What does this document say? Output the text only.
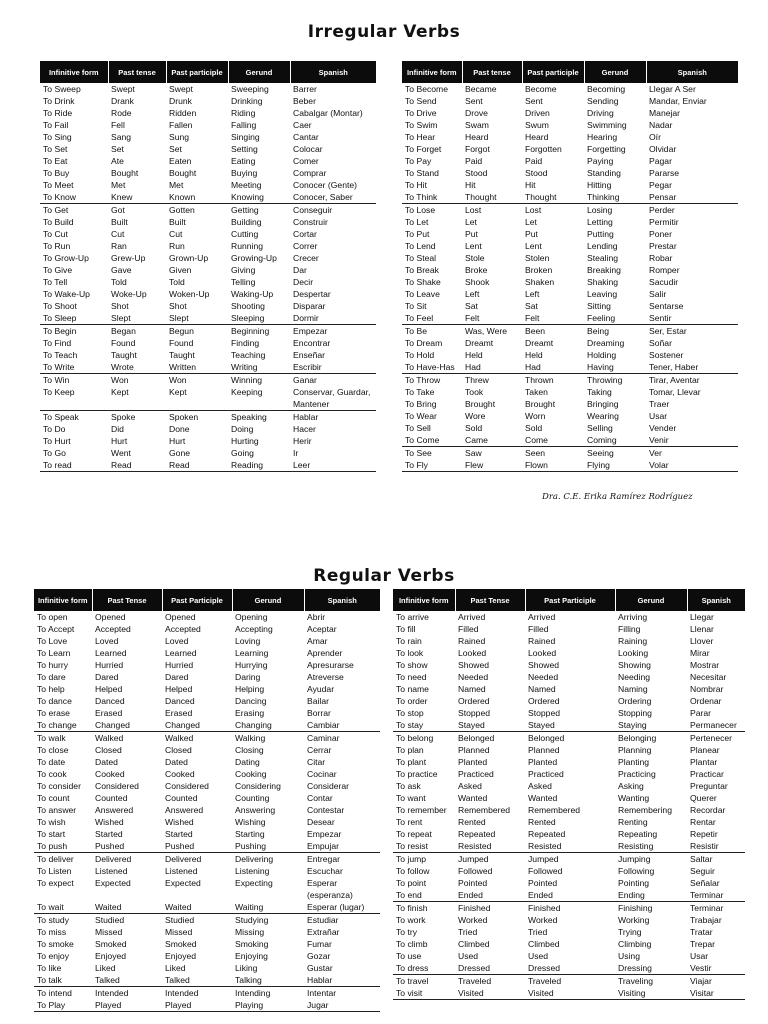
Irregular Verbs
Infinitive form	Past tense	Past participle	Gerund	Spanish
To Sweep	Swept	Swept	Sweeping	Barrer
To Drink	Drank	Drunk	Drinking	Beber
To Ride	Rode	Ridden	Riding	Cabalgar (Montar)
To Fail	Fell	Fallen	Falling	Caer
To Sing	Sang	Sung	Singing	Cantar
To Set	Set	Set	Setting	Colocar
To Eat	Ate	Eaten	Eating	Comer
To Buy	Bought	Bought	Buying	Comprar
To Meet	Met	Met	Meeting	Conocer (Gente)
To Know	Knew	Known	Knowing	Conocer, Saber
To Get	Got	Gotten	Getting	Conseguir
To Build	Built	Built	Building	Construir
To Cut	Cut	Cut	Cutting	Cortar
To Run	Ran	Run	Running	Correr
To Grow-Up	Grew-Up	Grown-Up	Growing-Up	Crecer
To Give	Gave	Given	Giving	Dar
To Tell	Told	Told	Telling	Decir
To Wake-Up	Woke-Up	Woken-Up	Waking-Up	Despertar
To Shoot	Shot	Shot	Shooting	Disparar
To Sleep	Slept	Slept	Sleeping	Dormir
To Begin	Began	Begun	Beginning	Empezar
To Find	Found	Found	Finding	Encontrar
To Teach	Taught	Taught	Teaching	Enseñar
To Write	Wrote	Written	Writing	Escribir
To Win	Won	Won	Winning	Ganar
To Keep	Kept	Kept	Keeping	Conservar, Guardar, Mantener
To Speak	Spoke	Spoken	Speaking	Hablar
To Do	Did	Done	Doing	Hacer
To Hurt	Hurt	Hurt	Hurting	Herir
To Go	Went	Gone	Going	Ir
To read	Read	Read	Reading	Leer
Infinitive form	Past tense	Past participle	Gerund	Spanish
To Become	Became	Become	Becoming	Llegar A Ser
To Send	Sent	Sent	Sending	Mandar, Enviar
To Drive	Drove	Driven	Driving	Manejar
To Swim	Swam	Swum	Swimming	Nadar
To Hear	Heard	Heard	Hearing	Oír
To Forget	Forgot	Forgotten	Forgetting	Olvidar
To Pay	Paid	Paid	Paying	Pagar
To Stand	Stood	Stood	Standing	Pararse
To Hit	Hit	Hit	Hitting	Pegar
To Think	Thought	Thought	Thinking	Pensar
To Lose	Lost	Lost	Losing	Perder
To Let	Let	Let	Letting	Permitir
To Put	Put	Put	Putting	Poner
To Lend	Lent	Lent	Lending	Prestar
To Steal	Stole	Stolen	Stealing	Robar
To Break	Broke	Broken	Breaking	Romper
To Shake	Shook	Shaken	Shaking	Sacudir
To Leave	Left	Left	Leaving	Salir
To Sit	Sat	Sat	Sitting	Sentarse
To Feel	Felt	Felt	Feeling	Sentir
To Be	Was, Were	Been	Being	Ser, Estar
To Dream	Dreamt	Dreamt	Dreaming	Soñar
To Hold	Held	Held	Holding	Sostener
To Have-Has	Had	Had	Having	Tener, Haber
To Throw	Threw	Thrown	Throwing	Tirar, Aventar
To Take	Took	Taken	Taking	Tomar, Llevar
To Bring	Brought	Brought	Bringing	Traer
To Wear	Wore	Worn	Wearing	Usar
To Sell	Sold	Sold	Selling	Vender
To Come	Came	Come	Coming	Venir
To See	Saw	Seen	Seeing	Ver
To Fly	Flew	Flown	Flying	Volar
Dra. C.E. Erika Ramírez Rodríguez
Regular Verbs
Infinitive form	Past Tense	Past Participle	Gerund	Spanish
To open	Opened	Opened	Opening	Abrir
To Accept	Accepted	Accepted	Accepting	Aceptar
To Love	Loved	Loved	Loving	Amar
To Learn	Learned	Learned	Learning	Aprender
To hurry	Hurried	Hurried	Hurrying	Apresurarse
To dare	Dared	Dared	Daring	Atreverse
To help	Helped	Helped	Helping	Ayudar
To dance	Danced	Danced	Dancing	Bailar
To erase	Erased	Erased	Erasing	Borrar
To change	Changed	Changed	Changing	Cambiar
To walk	Walked	Walked	Walking	Caminar
To close	Closed	Closed	Closing	Cerrar
To date	Dated	Dated	Dating	Citar
To cook	Cooked	Cooked	Cooking	Cocinar
To consider	Considered	Considered	Considering	Considerar
To count	Counted	Counted	Counting	Contar
To answer	Answered	Answered	Answering	Contestar
To wish	Wished	Wished	Wishing	Desear
To start	Started	Started	Starting	Empezar
To push	Pushed	Pushed	Pushing	Empujar
To deliver	Delivered	Delivered	Delivering	Entregar
To Listen	Listened	Listened	Listening	Escuchar
To expect	Expected	Expected	Expecting	Esperar (esperanza)
To wait	Waited	Waited	Waiting	Esperar (lugar)
To study	Studied	Studied	Studying	Estudiar
To miss	Missed	Missed	Missing	Extrañar
To smoke	Smoked	Smoked	Smoking	Fumar
To enjoy	Enjoyed	Enjoyed	Enjoying	Gozar
To like	Liked	Liked	Liking	Gustar
To talk	Talked	Talked	Talking	Hablar
To intend	Intended	Intended	Intending	Intentar
To Play	Played	Played	Playing	Jugar
Infinitive form	Past Tense	Past Participle	Gerund	Spanish
To arrive	Arrived	Arrived	Arriving	Llegar
To fill	Filled	Filled	Filling	Llenar
To rain	Rained	Rained	Raining	Llover
To look	Looked	Looked	Looking	Mirar
To show	Showed	Showed	Showing	Mostrar
To need	Needed	Needed	Needing	Necesitar
To name	Named	Named	Naming	Nombrar
To order	Ordered	Ordered	Ordering	Ordenar
To stop	Stopped	Stopped	Stopping	Parar
To stay	Stayed	Stayed	Staying	Permanecer
To belong	Belonged	Belonged	Belonging	Pertenecer
To plan	Planned	Planned	Planning	Planear
To plant	Planted	Planted	Planting	Plantar
To practice	Practiced	Practiced	Practicing	Practicar
To ask	Asked	Asked	Asking	Preguntar
To want	Wanted	Wanted	Wanting	Querer
To remember	Remembered	Remembered	Remembering	Recordar
To rent	Rented	Rented	Renting	Rentar
To repeat	Repeated	Repeated	Repeating	Repetir
To resist	Resisted	Resisted	Resisting	Resistir
To jump	Jumped	Jumped	Jumping	Saltar
To follow	Followed	Followed	Following	Seguir
To point	Pointed	Pointed	Pointing	Señalar
To end	Ended	Ended	Ending	Terminar
To finish	Finished	Finished	Finishing	Terminar
To work	Worked	Worked	Working	Trabajar
To try	Tried	Tried	Trying	Tratar
To climb	Climbed	Climbed	Climbing	Trepar
To use	Used	Used	Using	Usar
To dress	Dressed	Dressed	Dressing	Vestir
To travel	Traveled	Traveled	Traveling	Viajar
To visit	Visited	Visited	Visiting	Visitar
